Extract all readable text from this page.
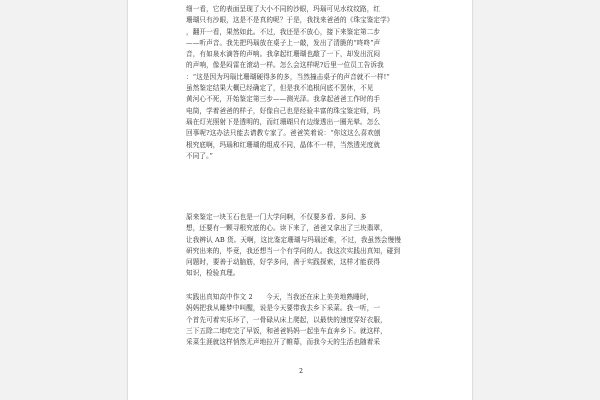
细一看，它的表面呈现了大小不同的沙眼，玛瑙可见水纹纹路，红
珊瑚只有沙眼，这是不是真的呢？于是，我找来爸爸的《珠宝鉴定学》
，翻开一看，果然如此。不过，我还是不放心，接下来鉴定第二步
——听声音。我先把玛瑙放在桌子上一敲，发出了清脆的“咚咚”声
音，有如泉水滴答的声响。我拿起红珊瑚也敲了一下，却发出沉闷
的声响，像是闷雷在滚动一样。怎么会这样呢?后里一位员工告诉我
：“这是因为玛瑙比珊瑚硬得多的多，当然撞击桌子的声音就不一样!”
虽然鉴定结果大概已经确定了，但是我不追根问底不罢休，不见
黄河心不死，开始鉴定第三步——测光泽。我拿起爸爸工作时的手
电筒，学着爸爸的样子，好像自己也是经验丰富的珠宝鉴定师，玛
瑙在灯光照射下是透明的，而红珊瑚只有边缘透出一圈光晕。怎么
回事呢?这办法只能去请教专家了。爸爸笑着说：“你这这么喜欢刨
根究底啊，玛瑙和红珊瑚的组成不同，晶体不一样，当然透光度就
不同了。”
原来鉴定一块玉石也是一门大学问啊，不仅要多看、多问、多
想，还要有一颗寻根究底的心。读下来了，爸爸又拿出了三块翡翠，
让我辨认 AB 货。天啊，这比鉴定珊瑚与玛瑙还难，不过，我虽然会慢慢
研究出来的，毕竟，我还想当一个有学问的人。我这次实践出真知，碰到
问题时，要善于动脑筋，好学多问，善于实践探索，这样才能获得
知识，检验真理。
实践出真知高中作文 2　　今天，当我还在床上美美地熟睡时，
妈妈把我从睡梦中叫醒，说是今天要带我去乡下采菜。我一听，一
个首先可着实乐坏了，一骨碌从床上爬起，以最快的速度穿好衣服，
三下五除二地吃完了早饭，和爸爸妈妈一起坐车直奔乡下。就这样，
采菜生涯就这样悄然无声地拉开了帷幕，而我今天的生活也随着采
2
